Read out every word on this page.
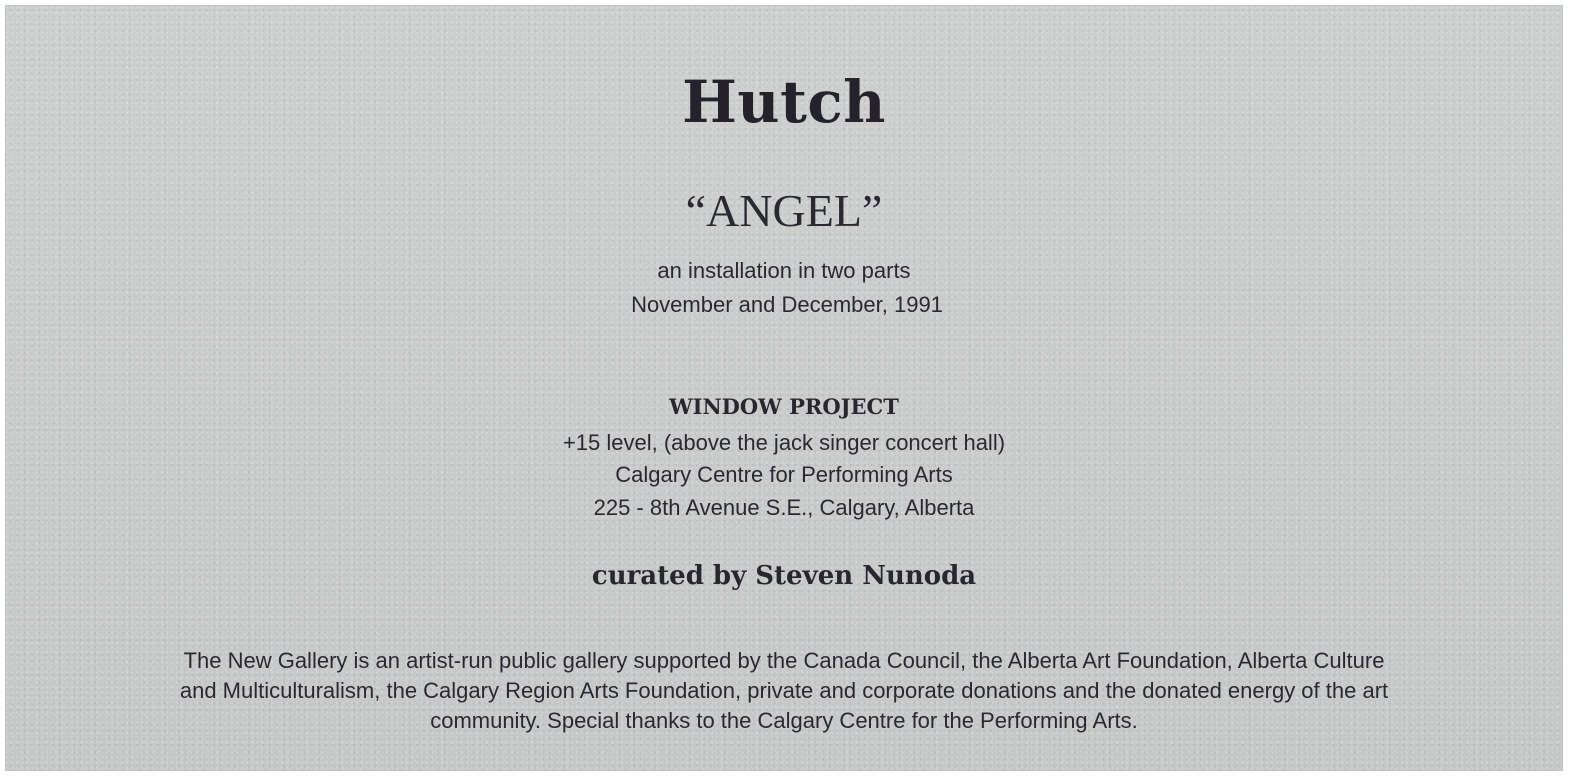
Hutch
“ANGEL”
an installation in two parts
November and December, 1991
WINDOW PROJECT
+15 level, (above the jack singer concert hall)
Calgary Centre for Performing Arts
225 - 8th Avenue S.E., Calgary, Alberta
curated by Steven Nunoda
The New Gallery is an artist-run public gallery supported by the Canada Council, the Alberta Art Foundation, Alberta Culture
and Multiculturalism, the Calgary Region Arts Foundation, private and corporate donations and the donated energy of the art
community. Special thanks to the Calgary Centre for the Performing Arts.
